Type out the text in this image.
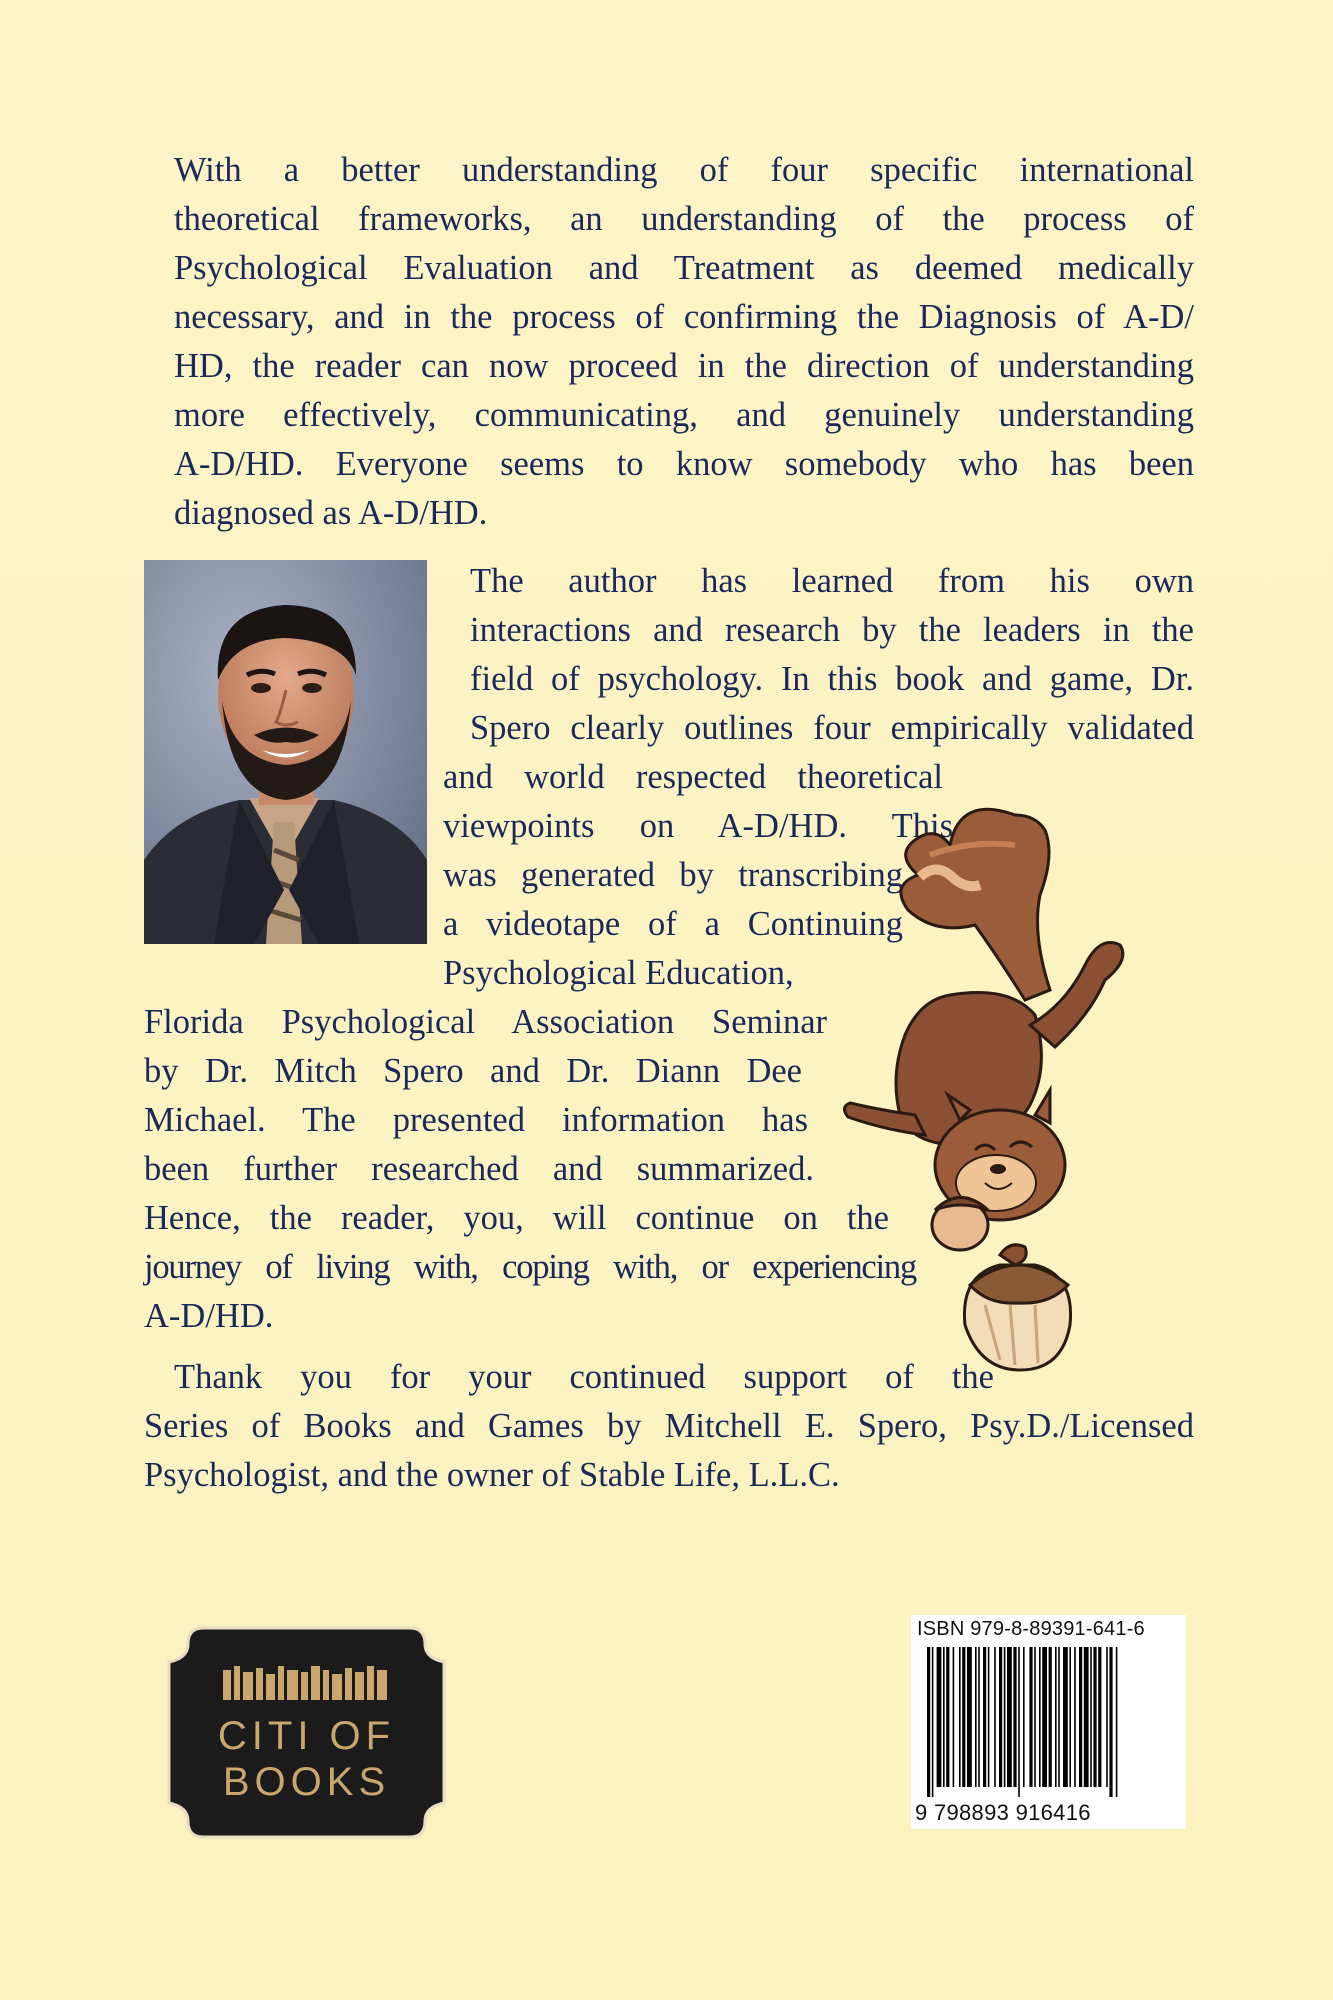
With a better understanding of four specific international
theoretical frameworks, an understanding of the process of
Psychological Evaluation and Treatment as deemed medically
necessary, and in the process of confirming the Diagnosis of A-D/
HD, the reader can now proceed in the direction of understanding
more effectively, communicating, and genuinely understanding
A-D/HD. Everyone seems to know somebody who has been
diagnosed as A-D/HD.
The author has learned from his own
interactions and research by the leaders in the
field of psychology. In this book and game, Dr.
Spero clearly outlines four empirically validated
and world respected theoretical
viewpoints on A-D/HD. This
was generated by transcribing
a videotape of a Continuing
Psychological Education,
Florida Psychological Association Seminar
by Dr. Mitch Spero and Dr. Diann Dee
Michael. The presented information has
been further researched and summarized.
Hence, the reader, you, will continue on the
journey of living with, coping with, or experiencing
A-D/HD.
Thank you for your continued support of the
Series of Books and Games by Mitchell E. Spero, Psy.D./Licensed
Psychologist, and the owner of Stable Life, L.L.C.
CITI OF
BOOKS
ISBN 979-8-89391-641-6
9 798893 916416
